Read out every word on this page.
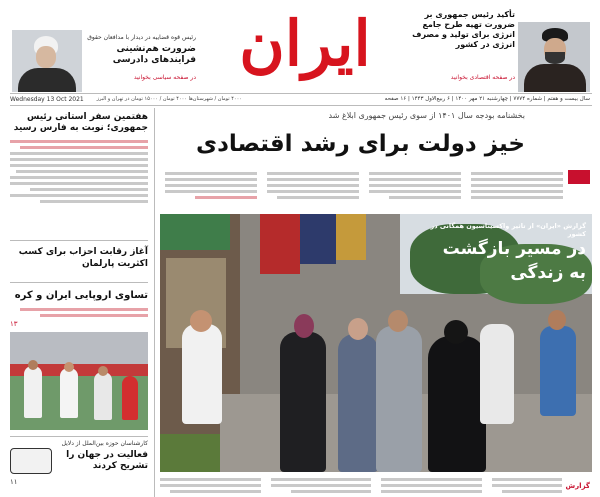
رئیس قوه قضاییه در دیدار با مدافعان حقوق
ضرورت هم‌نشینی فرایندهای دادرسی
در صفحه سیاسی بخوانید ایران	تأکید رئیس جمهوری بر ضرورت تهیه طرح جامع انرژی برای تولید و مصرف انرژی در کشور
در صفحه اقتصادی بخوانید
Wednesday 13 Oct 2021	۴۰۰۰ تومان / شهرستان‌ها ۴۰۰۰ تومان / ۱۵۰۰۰ تومان در تهران و البرز	سال بیست و هفتم | شماره ۷۷۷۴ | چهارشنبه ۲۱ مهر ۱۴۰۰ | ۶ ربیع‌الاول ۱۴۴۳ | ۱۶ صفحه
هفتمین سفر استانی رئیس جمهوری؛ نوبت به فارس رسید
آغاز رقابت احزاب برای کسب اکثریت پارلمان
تساوی اروپایی ایران و کره
۱۳
کارشناسان حوزه بین‌الملل از دلایل
فعالیت در جهان را تشریح کردند
۱۱
بخشنامه بودجه سال ۱۴۰۱ از سوی رئیس جمهوری ابلاغ شد
خیز دولت برای رشد اقتصادی
گزارش «ایران» از تاثیر واکسیناسیون همگانی در کشور
در مسیر بازگشت
به زندگی
گزارش
